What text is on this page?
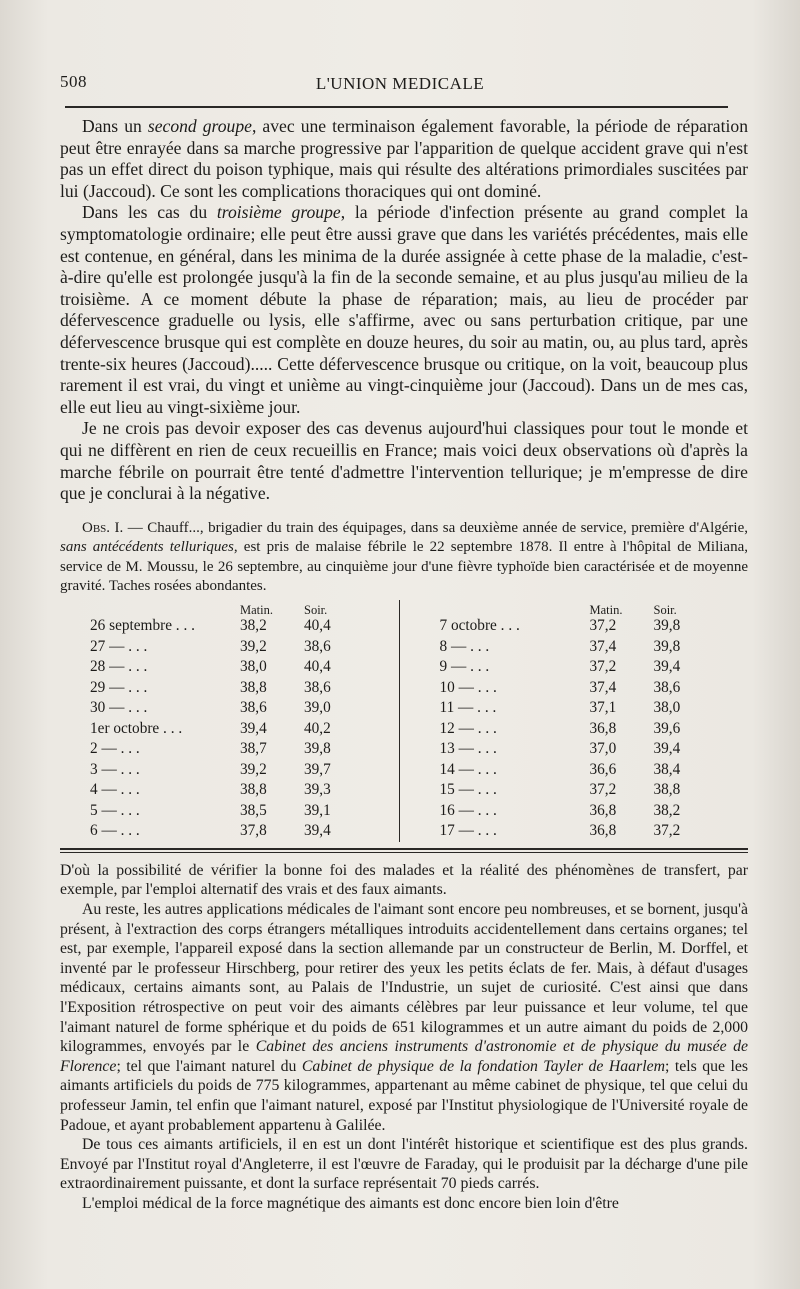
508	L'UNION MEDICALE

Dans un second groupe, avec une terminaison également favorable, la période de réparation peut être enrayée dans sa marche progressive par l'apparition de quelque accident grave qui n'est pas un effet direct du poison typhique, mais qui résulte des altérations primordiales suscitées par lui (Jaccoud). Ce sont les complications thoraciques qui ont dominé.

Dans les cas du troisième groupe, la période d'infection présente au grand complet la symptomatologie ordinaire; elle peut être aussi grave que dans les variétés précédentes, mais elle est contenue, en général, dans les minima de la durée assignée à cette phase de la maladie, c'est-à-dire qu'elle est prolongée jusqu'à la fin de la seconde semaine, et au plus jusqu'au milieu de la troisième. A ce moment débute la phase de réparation; mais, au lieu de procéder par défervescence graduelle ou lysis, elle s'affirme, avec ou sans perturbation critique, par une défervescence brusque qui est complète en douze heures, du soir au matin, ou, au plus tard, après trente-six heures (Jaccoud)..... Cette défervescence brusque ou critique, on la voit, beaucoup plus rarement il est vrai, du vingt et unième au vingt-cinquième jour (Jaccoud). Dans un de mes cas, elle eut lieu au vingt-sixième jour.

Je ne crois pas devoir exposer des cas devenus aujourd'hui classiques pour tout le monde et qui ne diffèrent en rien de ceux recueillis en France; mais voici deux observations où d'après la marche fébrile on pourrait être tenté d'admettre l'intervention tellurique; je m'empresse de dire que je conclurai à la négative.

Obs. I. — Chauff..., brigadier du train des équipages, dans sa deuxième année de service, première d'Algérie, sans antécédents telluriques, est pris de malaise fébrile le 22 septembre 1878. Il entre à l'hôpital de Miliana, service de M. Moussu, le 26 septembre, au cinquième jour d'une fièvre typhoïde bien caractérisée et de moyenne gravité. Taches rosées abondantes.

Matin.	Soir.
26 septembre . . .	38,2	40,4
27 — . . .	39,2	38,6
28 — . . .	38,0	40,4
29 — . . .	38,8	38,6
30 — . . .	38,6	39,0
1er octobre . . .	39,4	40,2
2 — . . .	38,7	39,8
3 — . . .	39,2	39,7
4 — . . .	38,8	39,3
5 — . . .	38,5	39,1
6 — . . .	37,8	39,4
Matin.	Soir.
7 octobre . . .	37,2	39,8
8 — . . .	37,4	39,8
9 — . . .	37,2	39,4
10 — . . .	37,4	38,6
11 — . . .	37,1	38,0
12 — . . .	36,8	39,6
13 — . . .	37,0	39,4
14 — . . .	36,6	38,4
15 — . . .	37,2	38,8
16 — . . .	36,8	38,2
17 — . . .	36,8	37,2

D'où la possibilité de vérifier la bonne foi des malades et la réalité des phénomènes de transfert, par exemple, par l'emploi alternatif des vrais et des faux aimants.

Au reste, les autres applications médicales de l'aimant sont encore peu nombreuses, et se bornent, jusqu'à présent, à l'extraction des corps étrangers métalliques introduits accidentellement dans certains organes; tel est, par exemple, l'appareil exposé dans la section allemande par un constructeur de Berlin, M. Dorffel, et inventé par le professeur Hirschberg, pour retirer des yeux les petits éclats de fer. Mais, à défaut d'usages médicaux, certains aimants sont, au Palais de l'Industrie, un sujet de curiosité. C'est ainsi que dans l'Exposition rétrospective on peut voir des aimants célèbres par leur puissance et leur volume, tel que l'aimant naturel de forme sphérique et du poids de 651 kilogrammes et un autre aimant du poids de 2,000 kilogrammes, envoyés par le Cabinet des anciens instruments d'astronomie et de physique du musée de Florence; tel que l'aimant naturel du Cabinet de physique de la fondation Tayler de Haarlem; tels que les aimants artificiels du poids de 775 kilogrammes, appartenant au même cabinet de physique, tel que celui du professeur Jamin, tel enfin que l'aimant naturel, exposé par l'Institut physiologique de l'Université royale de Padoue, et ayant probablement appartenu à Galilée.

De tous ces aimants artificiels, il en est un dont l'intérêt historique et scientifique est des plus grands. Envoyé par l'Institut royal d'Angleterre, il est l'œuvre de Faraday, qui le produisit par la décharge d'une pile extraordinairement puissante, et dont la surface représentait 70 pieds carrés.

L'emploi médical de la force magnétique des aimants est donc encore bien loin d'être
